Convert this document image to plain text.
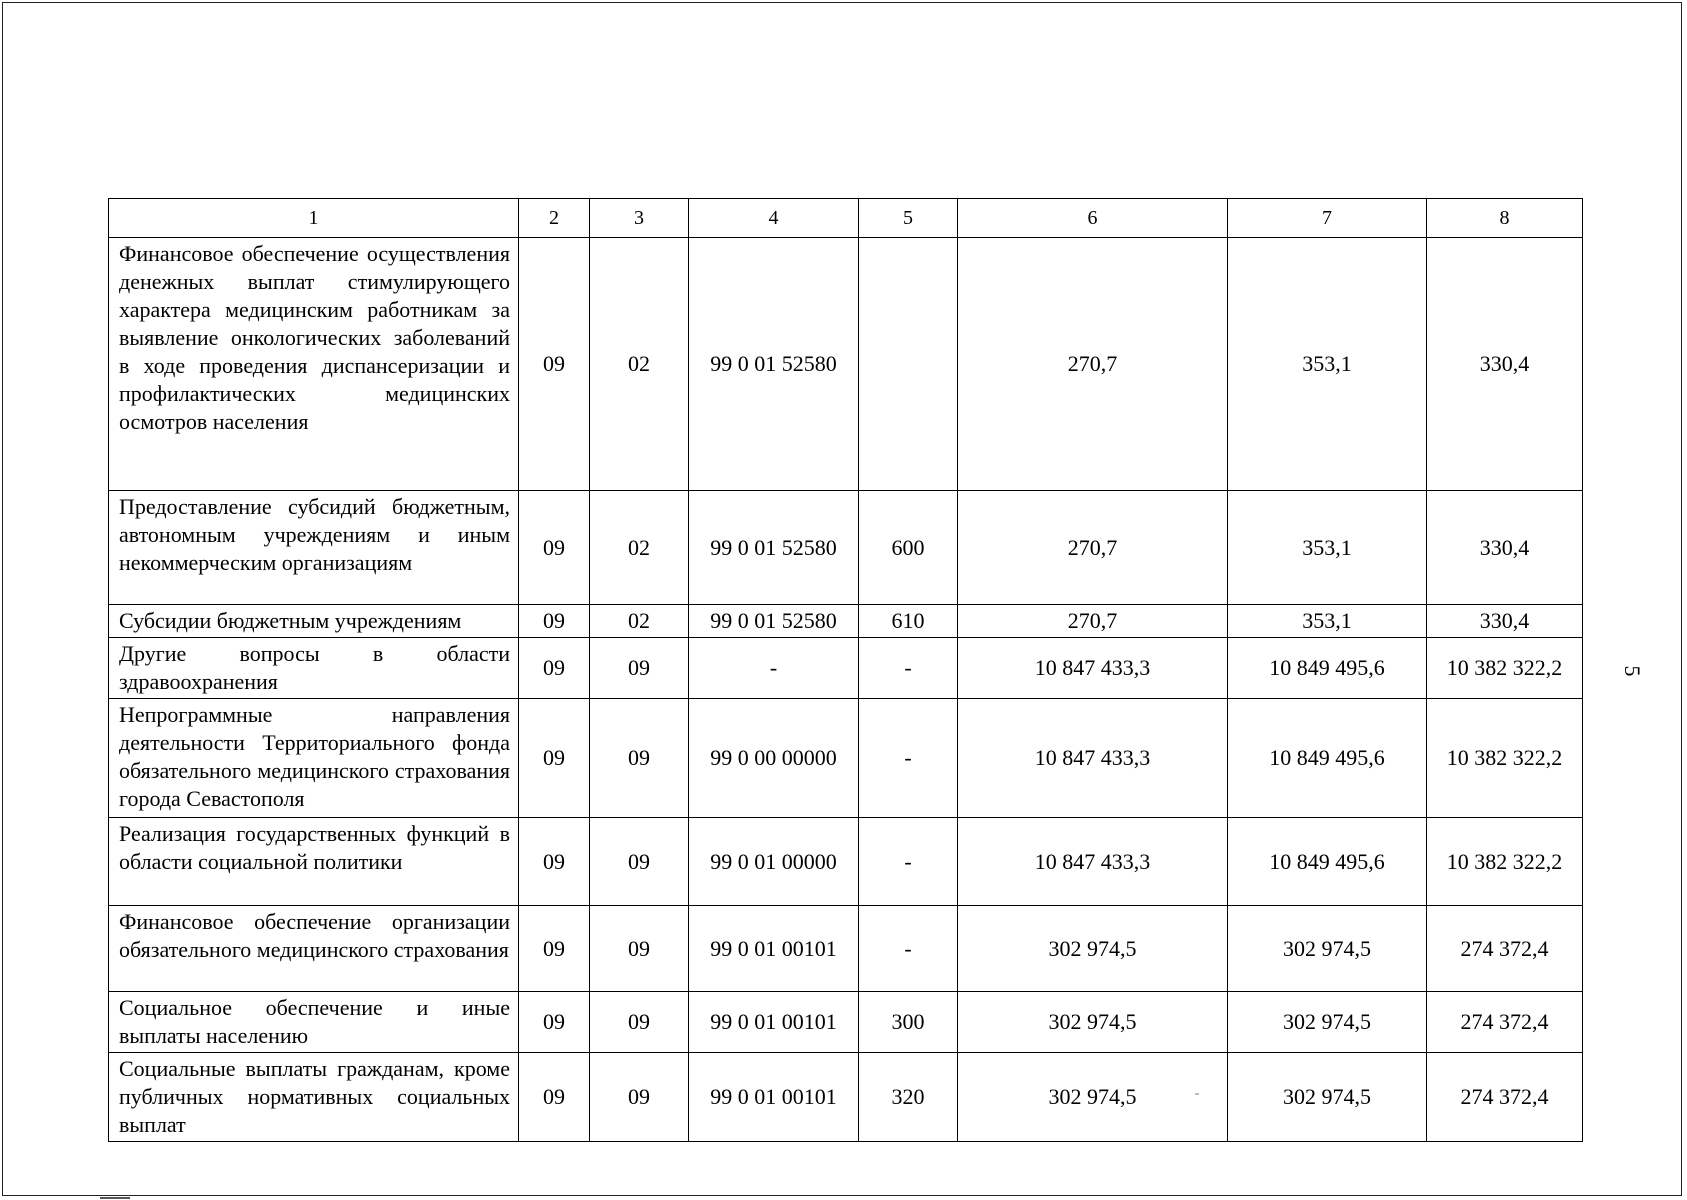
1	2	3	4	5	6	7	8
Финансовое обеспечение осуществления денежных выплат стимулирующего характера медицинским работникам за выявление онкологических заболеваний в ходе проведения диспансеризации и профилактических медицинских осмотров населения	09	02	99 0 01 52580		270,7	353,1	330,4
Предоставление субсидий бюджетным, автономным учреждениям и иным некоммерческим организациям	09	02	99 0 01 52580	600	270,7	353,1	330,4
Субсидии бюджетным учреждениям	09	02	99 0 01 52580	610	270,7	353,1	330,4
Другие вопросы в области здравоохранения	09	09	-	-	10 847 433,3	10 849 495,6	10 382 322,2
Непрограммные направления деятельности Территориального фонда обязательного медицинского страхования города Севастополя	09	09	99 0 00 00000	-	10 847 433,3	10 849 495,6	10 382 322,2
Реализация государственных функций в области социальной политики	09	09	99 0 01 00000	-	10 847 433,3	10 849 495,6	10 382 322,2
Финансовое обеспечение организации обязательного медицинского страхования	09	09	99 0 01 00101	-	302 974,5	302 974,5	274 372,4
Социальное обеспечение и иные выплаты населению	09	09	99 0 01 00101	300	302 974,5	302 974,5	274 372,4
Социальные выплаты гражданам, кроме публичных нормативных социальных выплат	09	09	99 0 01 00101	320	302 974,5	302 974,5	274 372,4
5
